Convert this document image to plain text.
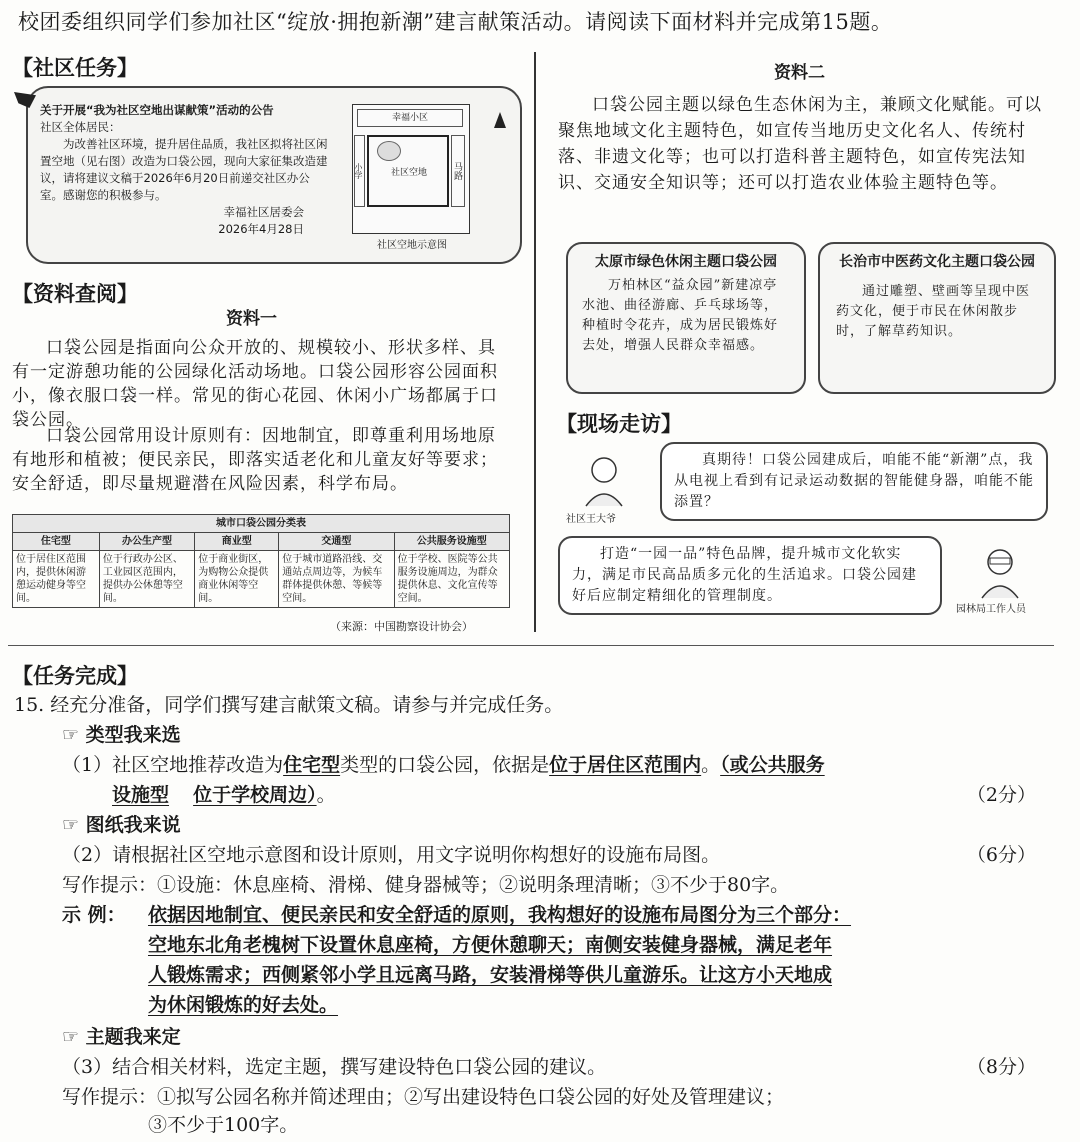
校团委组织同学们参加社区“绽放·拥抱新潮”建言献策活动。请阅读下面材料并完成第15题。
【社区任务】
关于开展“我为社区空地出谋献策”活动的公告
社区全体居民：
为改善社区环境，提升居住品质，我社区拟将社区闲置空地（见右图）改造为口袋公园，现向大家征集改造建议，请将建议文稿于2026年6月20日前递交社区办公室。感谢您的积极参与。
幸福社区居委会
2026年4月28日
幸福小区
社区空地	马路
小学
社区空地示意图
【资料查阅】
资料一
口袋公园是指面向公众开放的、规模较小、形状多样、具有一定游憩功能的公园绿化活动场地。口袋公园形容公园面积小，像衣服口袋一样。常见的街心花园、休闲小广场都属于口袋公园。
口袋公园常用设计原则有：因地制宜，即尊重利用场地原有地形和植被；便民亲民，即落实适老化和儿童友好等要求；安全舒适，即尽量规避潜在风险因素，科学布局。
城市口袋公园分类表				
住宅型	办公生产型	商业型	交通型	公共服务设施型
位于居住区范围内，提供休闲游憩运动健身等空间。	位于行政办公区、工业园区范围内，提供办公休憩等空间。	位于商业街区，为购物公众提供商业休闲等空间。	位于城市道路沿线、交通站点周边等，为候车群体提供休憩、等候等空间。	位于学校、医院等公共服务设施周边，为群众提供休息、文化宣传等空间。
（来源：中国勘察设计协会）
资料二
口袋公园主题以绿色生态休闲为主，兼顾文化赋能。可以聚焦地域文化主题特色，如宣传当地历史文化名人、传统村落、非遗文化等；也可以打造科普主题特色，如宣传宪法知识、交通安全知识等；还可以打造农业体验主题特色等。
太原市绿色休闲主题口袋公园
万柏林区“益众园”新建凉亭水池、曲径游廊、乒乓球场等，种植时令花卉，成为居民锻炼好去处，增强人民群众幸福感。
长治市中医药文化主题口袋公园
通过雕塑、壁画等呈现中医药文化，便于市民在休闲散步时，了解草药知识。
【现场走访】
社区王大爷
真期待！口袋公园建成后，咱能不能“新潮”点，我从电视上看到有记录运动数据的智能健身器，咱能不能添置？
打造“一园一品”特色品牌，提升城市文化软实力，满足市民高品质多元化的生活追求。口袋公园建好后应制定精细化的管理制度。
园林局工作人员
【任务完成】
15. 经充分准备，同学们撰写建言献策文稿。请参与并完成任务。
☞ 类型我来选
（1）社区空地推荐改造为住宅型类型的口袋公园，依据是位于居住区范围内。（或公共服务
设施型 位于学校周边）。	（2分）
☞ 图纸我来说
（2）请根据社区空地示意图和设计原则，用文字说明你构想好的设施布局图。	（6分）
写作提示：①设施：休息座椅、滑梯、健身器械等；②说明条理清晰；③不少于80字。
示 例： 依据因地制宜、便民亲民和安全舒适的原则，我构想好的设施布局图分为三个部分：
空地东北角老槐树下设置休息座椅，方便休憩聊天；南侧安装健身器械，满足老年
人锻炼需求；西侧紧邻小学且远离马路，安装滑梯等供儿童游乐。让这方小天地成
为休闲锻炼的好去处。
☞ 主题我来定
（3）结合相关材料，选定主题，撰写建设特色口袋公园的建议。	（8分）
写作提示：①拟写公园名称并简述理由；②写出建设特色口袋公园的好处及管理建议；
③不少于100字。
